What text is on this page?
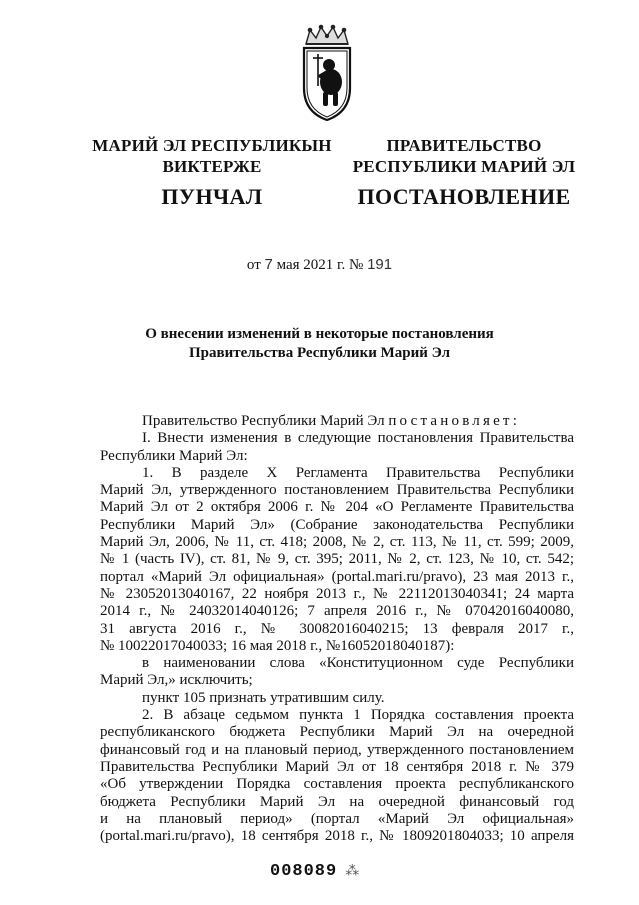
МАРИЙ ЭЛ РЕСПУБЛИКЫН
ВИКТЕРЖЕ
ПУНЧАЛ
ПРАВИТЕЛЬСТВО
РЕСПУБЛИКИ МАРИЙ ЭЛ
ПОСТАНОВЛЕНИЕ
от 7 мая 2021 г. № 191
О внесении изменений в некоторые постановления
Правительства Республики Марий Эл

Правительство Республики Марий Эл постановляет:

I. Внести изменения в следующие постановления Правительства

Республики Марий Эл:

1. В разделе X Регламента Правительства Республики

Марий Эл, утвержденного постановлением Правительства Республики

Марий Эл от 2 октября 2006 г. № 204 «О Регламенте Правительства

Республики Марий Эл» (Собрание законодательства Республики

Марий Эл, 2006, № 11, ст. 418; 2008, № 2, ст. 113, № 11, ст. 599; 2009,

№ 1 (часть IV), ст. 81, № 9, ст. 395; 2011, № 2, ст. 123, № 10, ст. 542;

портал «Марий Эл официальная» (portal.mari.ru/pravo), 23 мая 2013 г.,

№ 23052013040167, 22 ноября 2013 г., № 22112013040341; 24 марта

2014 г., № 24032014040126; 7 апреля 2016 г., № 07042016040080,

31 августа 2016 г., № 30082016040215; 13 февраля 2017 г.,

№ 10022017040033; 16 мая 2018 г., №16052018040187):

в наименовании слова «Конституционном суде Республики

Марий Эл,» исключить;

пункт 105 признать утратившим силу.

2. В абзаце седьмом пункта 1 Порядка составления проекта

республиканского бюджета Республики Марий Эл на очередной

финансовый год и на плановый период, утвержденного постановлением

Правительства Республики Марий Эл от 18 сентября 2018 г. № 379

«Об утверждении Порядка составления проекта республиканского

бюджета Республики Марий Эл на очередной финансовый год

и на плановый период» (портал «Марий Эл официальная»

(portal.mari.ru/pravo), 18 сентября 2018 г., № 1809201804033; 10 апреля

008089 ⁂
